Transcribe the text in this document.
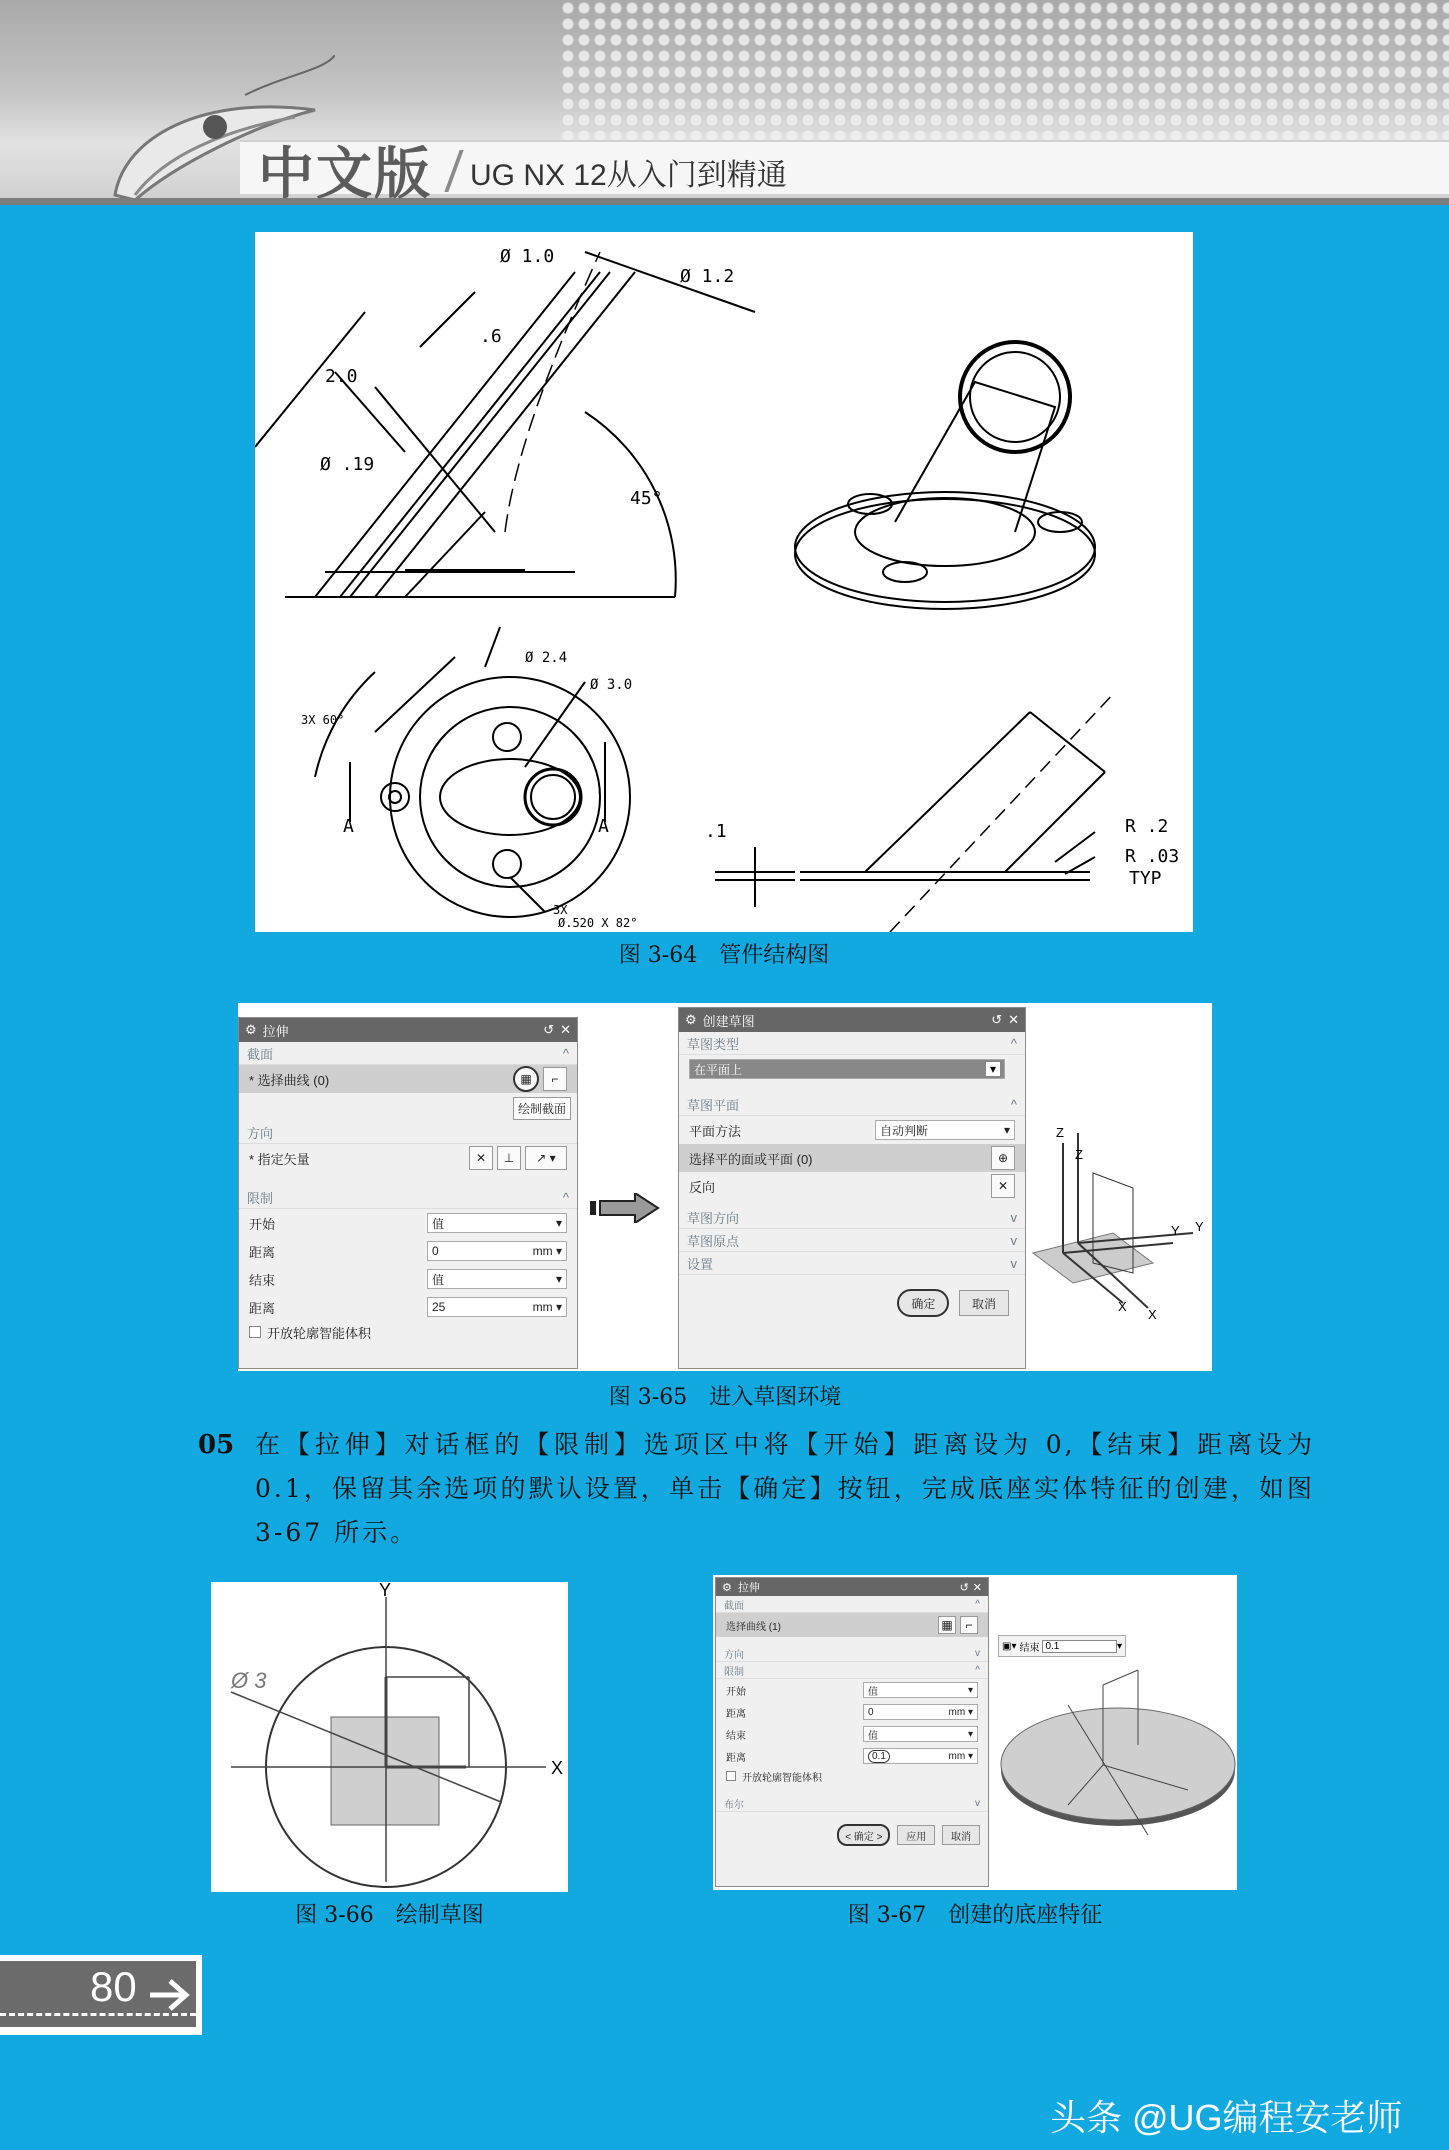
中文版 UG NX 12从入门到精通
Ø 1.0
Ø 1.2
2.0
.6
Ø .19
45°
Ø 2.4
Ø 3.0
3X 60°
A	A
3X
Ø.520 X 82°
.1	R .2
R .03
TYP
图 3-64　管件结构图
⚙ 拉伸	↺ ✕
截面	^
* 选择曲线 (0)	▦	⌐
绘制截面
方向
* 指定矢量	✕	⊥	↗ ▾
限制	^
开始	值	▾
距离	0	mm ▾
结束	值	▾
距离	25	mm ▾
开放轮廓智能体积
⚙ 创建草图	↺ ✕
草图类型	^
在平面上	▾
草图平面	^
平面方法	自动判断	▾
选择平的面或平面 (0)	⊕
反向	✕
草图方向	v
草图原点	v
设置	v
确定	取消
Z
Z
Y Y
X
X
图 3-65　进入草图环境
05 在【拉伸】对话框的【限制】选项区中将【开始】距离设为 0,【结束】距离设为 0.1，保留其余选项的默认设置，单击【确定】按钮，完成底座实体特征的创建，如图 3-67 所示。
Ø 3
Y
X
图 3-66　绘制草图
⚙ 拉伸	↺ ✕
截面	^
选择曲线 (1)	▦	⌐
方向	v
限制	^
开始	值	▾
距离	0	mm ▾
结束	值	▾
距离	0.1	mm ▾
开放轮廓智能体积
布尔	v
< 确定 > 应用 取消
▣▾ 结束 0.1	▾
图 3-67　创建的底座特征
80
头条 @UG编程安老师
